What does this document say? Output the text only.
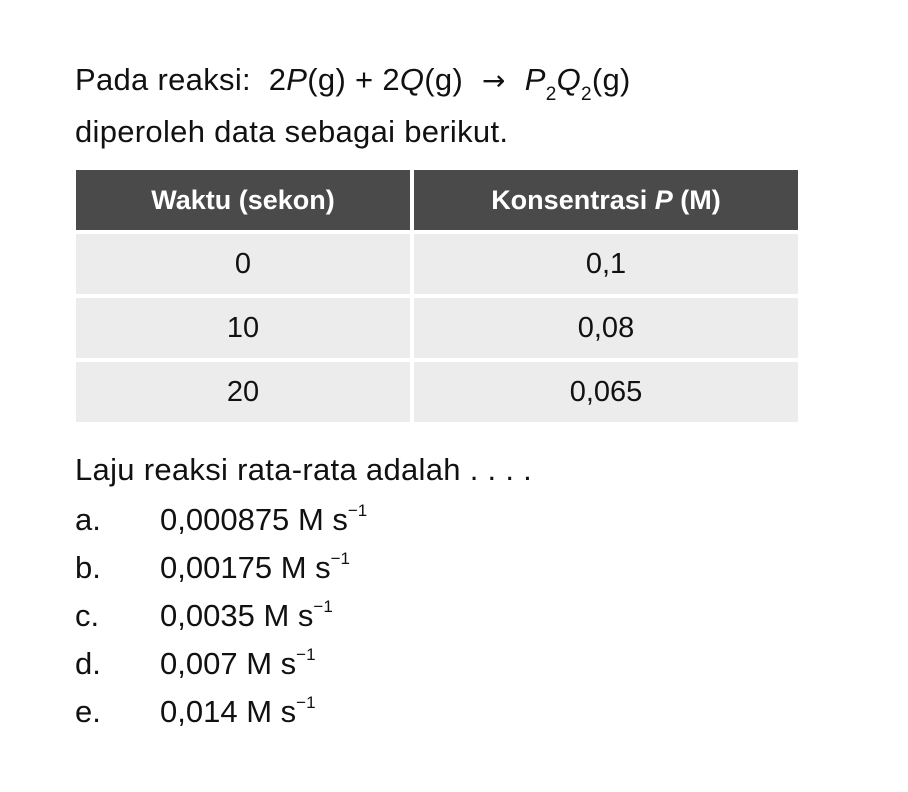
Pada reaksi: $2P(g) + 2Q(g) \to P_2Q_2(g)$
diperoleh data sebagai berikut.
Waktu (sekon)	Konsentrasi P (M)
0	0,1
10	0,08
20	0,065
Laju reaksi rata-rata adalah . . . .
a. 0,000875 M $s^{-1}$
b. 0,00175 M $s^{-1}$
c. 0,0035 M $s^{-1}$
d. 0,007 M $s^{-1}$
e. 0,014 M $s^{-1}$
